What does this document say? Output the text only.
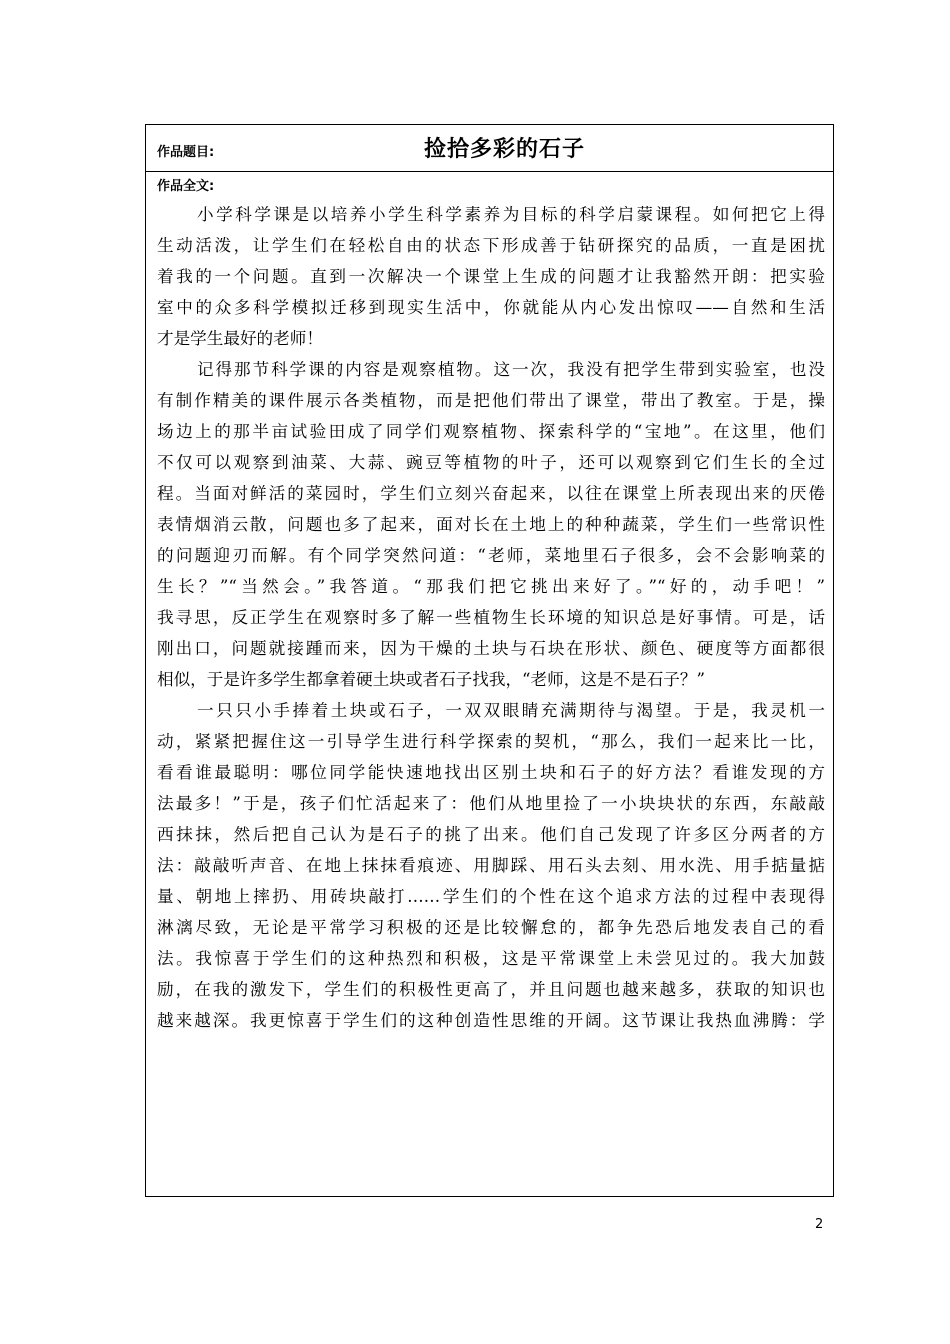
作品题目:	捡拾多彩的石子
作品全文:
小学科学课是以培养小学生科学素养为目标的科学启蒙课程。如何把它上得
生动活泼，让学生们在轻松自由的状态下形成善于钻研探究的品质，一直是困扰
着我的一个问题。直到一次解决一个课堂上生成的问题才让我豁然开朗：把实验
室中的众多科学模拟迁移到现实生活中，你就能从内心发出惊叹——自然和生活
才是学生最好的老师！
记得那节科学课的内容是观察植物。这一次，我没有把学生带到实验室，也没
有制作精美的课件展示各类植物，而是把他们带出了课堂，带出了教室。于是，操
场边上的那半亩试验田成了同学们观察植物、探索科学的“宝地”。在这里，他们
不仅可以观察到油菜、大蒜、豌豆等植物的叶子，还可以观察到它们生长的全过
程。当面对鲜活的菜园时，学生们立刻兴奋起来，以往在课堂上所表现出来的厌倦
表情烟消云散，问题也多了起来，面对长在土地上的种种蔬菜，学生们一些常识性
的问题迎刃而解。有个同学突然问道：“老师，菜地里石子很多，会不会影响菜的
生长？”“当然会。”我答道。“那我们把它挑出来好了。”“好的，动手吧！”
我寻思，反正学生在观察时多了解一些植物生长环境的知识总是好事情。可是，话
刚出口，问题就接踵而来，因为干燥的土块与石块在形状、颜色、硬度等方面都很
相似，于是许多学生都拿着硬土块或者石子找我，“老师，这是不是石子？”
一只只小手捧着土块或石子，一双双眼睛充满期待与渴望。于是，我灵机一
动，紧紧把握住这一引导学生进行科学探索的契机，“那么，我们一起来比一比，
看看谁最聪明：哪位同学能快速地找出区别土块和石子的好方法？看谁发现的方
法最多！”于是，孩子们忙活起来了：他们从地里捡了一小块块状的东西，东敲敲
西抹抹，然后把自己认为是石子的挑了出来。他们自己发现了许多区分两者的方
法：敲敲听声音、在地上抹抹看痕迹、用脚踩、用石头去刻、用水洗、用手掂量掂
量、朝地上摔扔、用砖块敲打……学生们的个性在这个追求方法的过程中表现得
淋漓尽致，无论是平常学习积极的还是比较懈怠的，都争先恐后地发表自己的看
法。我惊喜于学生们的这种热烈和积极，这是平常课堂上未尝见过的。我大加鼓
励，在我的激发下，学生们的积极性更高了，并且问题也越来越多，获取的知识也
越来越深。我更惊喜于学生们的这种创造性思维的开阔。这节课让我热血沸腾：学
2
